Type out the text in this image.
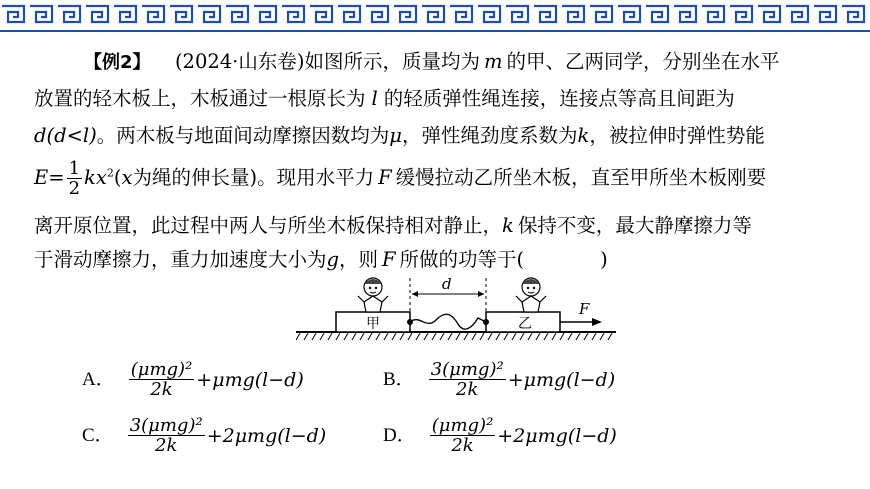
【例2】 (2024·山东卷)如图所示，质量均为 m 的甲、乙两同学，分别坐在水平
放置的轻木板上，木板通过一根原长为 l 的轻质弹性绳连接，连接点等高且间距为
d(d<l)。两木板与地面间动摩擦因数均为μ，弹性绳劲度系数为k，被拉伸时弹性势能
$E= \frac{1}{2} kx^2(x$为绳的伸长量)。现用水平力 F 缓慢拉动乙所坐木板，直至甲所坐木板刚要
离开原位置，此过程中两人与所坐木板保持相对静止，k 保持不变，最大静摩擦力等
于滑动摩擦力，重力加速度大小为g，则 F 所做的功等于(	)
甲	乙
d
F
A． $\frac{\text{(μmg)²}}{2k} +\mu mg(l-d)$	B． $\frac{\text{3(μmg)²}}{2k} +\mu mg(l-d)$
C． $\frac{\text{3(μmg)²}}{2k} +2\mu mg(l-d)$	D． $\frac{\text{(μmg)²}}{2k} +2\mu mg(l-d)$
